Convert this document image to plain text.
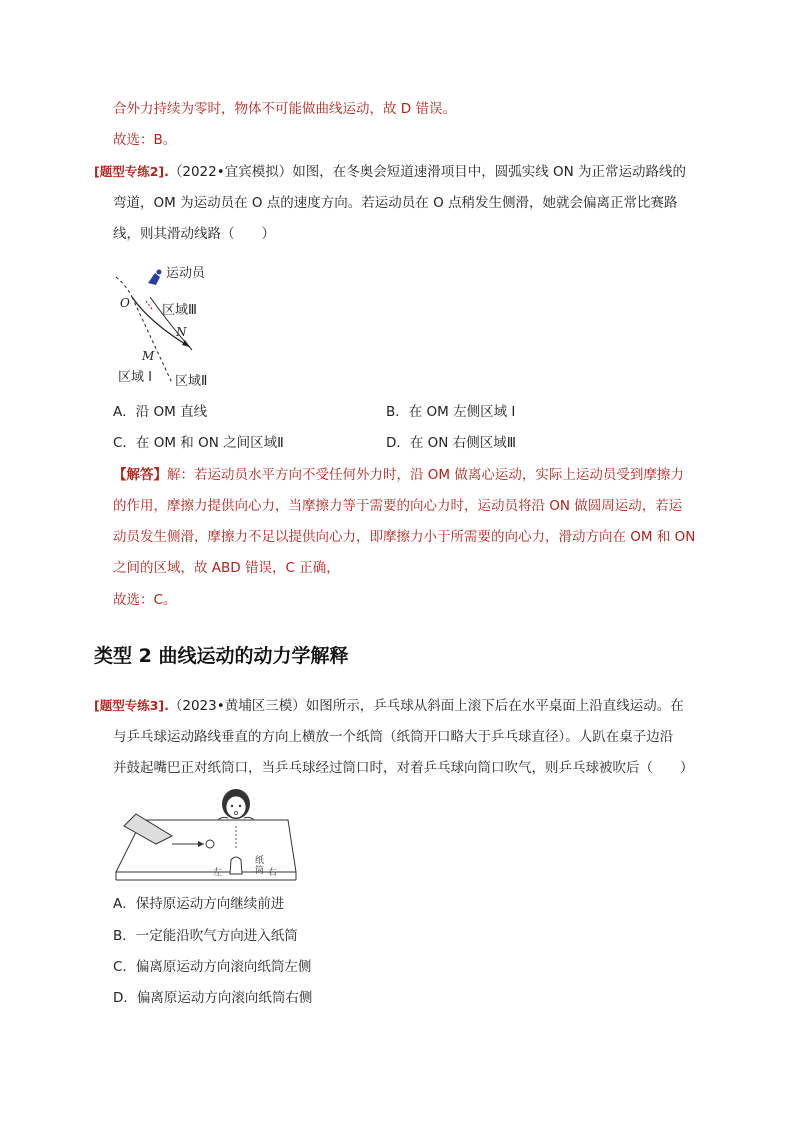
合外力持续为零时，物体不可能做曲线运动，故 D 错误。
故选：B。
[题型专练2].（2022•宜宾模拟）如图，在冬奥会短道速滑项目中，圆弧实线 ON 为正常运动路线的
弯道，OM 为运动员在 O 点的速度方向。若运动员在 O 点稍发生侧滑，她就会偏离正常比赛路
线，则其滑动线路（　　）
运动员
O 区域Ⅲ
N
M
区域 Ⅰ 区域Ⅱ
A．沿 OM 直线	B．在 OM 左侧区域 Ⅰ
C．在 OM 和 ON 之间区域Ⅱ	D．在 ON 右侧区域Ⅲ
【解答】解：若运动员水平方向不受任何外力时，沿 OM 做离心运动，实际上运动员受到摩擦力
的作用，摩擦力提供向心力，当摩擦力等于需要的向心力时，运动员将沿 ON 做圆周运动，若运
动员发生侧滑，摩擦力不足以提供向心力，即摩擦力小于所需要的向心力，滑动方向在 OM 和 ON
之间的区域，故 ABD 错误，C 正确，
故选：C。
类型 2 曲线运动的动力学解释
[题型专练3].（2023•黄埔区三模）如图所示，乒乓球从斜面上滚下后在水平桌面上沿直线运动。在
与乒乓球运动路线垂直的方向上横放一个纸筒（纸筒开口略大于乒乓球直径）。人趴在桌子边沿
并鼓起嘴巴正对纸筒口，当乒乓球经过筒口时，对着乒乓球向筒口吹气，则乒乓球被吹后（　　）
左
纸筒 右
A．保持原运动方向继续前进
B．一定能沿吹气方向进入纸筒
C．偏离原运动方向滚向纸筒左侧
D．偏离原运动方向滚向纸筒右侧
